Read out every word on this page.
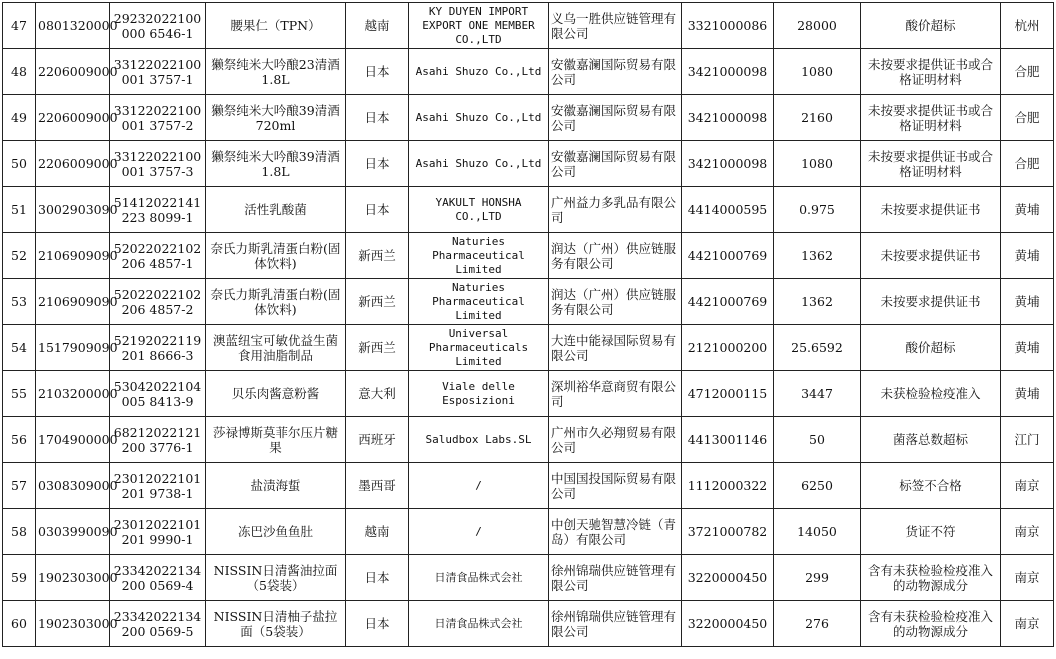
47	0801320000	29232022100000 6546-1	腰果仁（TPN）	越南	KY DUYEN IMPORT EXPORT ONE MEMBER CO.,LTD	义乌一胜供应链管理有限公司	3321000086	28000	酸价超标	杭州
48	2206009000	33122022100001 3757-1	獭祭纯米大吟酿23清酒1.8L	日本	Asahi Shuzo Co.,Ltd	安徽嘉澜国际贸易有限公司	3421000098	1080	未按要求提供证书或合格证明材料	合肥
49	2206009000	33122022100001 3757-2	獭祭纯米大吟酿39清酒720ml	日本	Asahi Shuzo Co.,Ltd	安徽嘉澜国际贸易有限公司	3421000098	2160	未按要求提供证书或合格证明材料	合肥
50	2206009000	33122022100001 3757-3	獭祭纯米大吟酿39清酒1.8L	日本	Asahi Shuzo Co.,Ltd	安徽嘉澜国际贸易有限公司	3421000098	1080	未按要求提供证书或合格证明材料	合肥
51	3002903090	51412022141223 8099-1	活性乳酸菌	日本	YAKULT HONSHA CO.,LTD	广州益力多乳品有限公司	4414000595	0.975	未按要求提供证书	黄埔
52	2106909090	52022022102206 4857-1	奈氏力斯乳清蛋白粉(固体饮料)	新西兰	Naturies Pharmaceutical Limited	润达（广州）供应链服务有限公司	4421000769	1362	未按要求提供证书	黄埔
53	2106909090	52022022102206 4857-2	奈氏力斯乳清蛋白粉(固体饮料)	新西兰	Naturies Pharmaceutical Limited	润达（广州）供应链服务有限公司	4421000769	1362	未按要求提供证书	黄埔
54	1517909090	52192022119201 8666-3	澳蓝纽宝可敏优益生菌食用油脂制品	新西兰	Universal Pharmaceuticals Limited	大连中能禄国际贸易有限公司	2121000200	25.6592	酸价超标	黄埔
55	2103200000	53042022104005 8413-9	贝乐肉酱意粉酱	意大利	Viale delle Esposizioni	深圳裕华意商贸有限公司	4712000115	3447	未获检验检疫准入	黄埔
56	1704900000	68212022121200 3776-1	莎禄博斯莫菲尔压片糖果	西班牙	Saludbox Labs.SL	广州市久必翔贸易有限公司	4413001146	50	菌落总数超标	江门
57	0308309000	23012022101201 9738-1	盐渍海蜇	墨西哥	/	中国国投国际贸易有限公司	1112000322	6250	标签不合格	南京
58	0303990090	23012022101201 9990-1	冻巴沙鱼鱼肚	越南	/	中创天驰智慧冷链（青岛）有限公司	3721000782	14050	货证不符	南京
59	1902303000	23342022134200 0569-4	NISSIN日清酱油拉面（5袋装）	日本	日清食品株式会社	徐州锦瑞供应链管理有限公司	3220000450	299	含有未获检验检疫准入的动物源成分	南京
60	1902303000	23342022134200 0569-5	NISSIN日清柚子盐拉面（5袋装）	日本	日清食品株式会社	徐州锦瑞供应链管理有限公司	3220000450	276	含有未获检验检疫准入的动物源成分	南京
